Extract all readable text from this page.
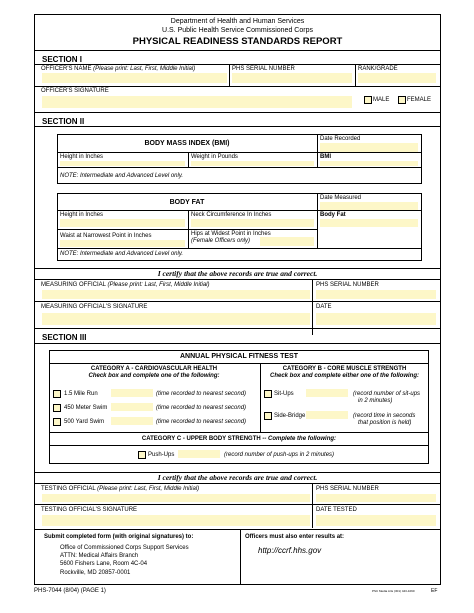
Department of Health and Human Services
U.S. Public Health Service Commissioned Corps
PHYSICAL READINESS STANDARDS REPORT
SECTION I
OFFICER'S NAME (Please print: Last, First, Middle Initial)	PHS SERIAL NUMBER	RANK/GRADE
OFFICER'S SIGNATURE
MALE	FEMALE
SECTION II
BODY MASS INDEX (BMI)
Date Recorded
Height in Inches	Weight in Pounds	BMI
NOTE: Intermediate and Advanced Level only.
BODY FAT
Date Measured
Height in Inches	Neck Circumference In Inches	Body Fat
Waist at Narrowest Point in Inches	Hips at Widest Point in Inches
(Female Officers only)
NOTE: Intermediate and Advanced Level only.
I certify that the above records are true and correct.
MEASURING OFFICIAL (Please print: Last, First, Middle Initial)	PHS SERIAL NUMBER
MEASURING OFFICIAL'S SIGNATURE	DATE
SECTION III
ANNUAL PHYSICAL FITNESS TEST
CATEGORY A - CARDIOVASCULAR HEALTH
Check box and complete one of the following:
CATEGORY B - CORE MUSCLE STRENGTH
Check box and complete either one of the following:
1.5 Mile Run	(time recorded to nearest second)
450 Meter Swim	(time recorded to nearest second)
500 Yard Swim	(time recorded to nearest second)
Sit-Ups	(record number of sit-ups
in 2 minutes)
Side-Bridge	(record time in seconds
that position is held)
CATEGORY C - UPPER BODY STRENGTH -- Complete the following:
Push-Ups	(record number of push-ups in 2 minutes)
I certify that the above records are true and correct.
TESTING OFFICIAL (Please print: Last, First, Middle Initial)	PHS SERIAL NUMBER
TESTING OFFICIAL'S SIGNATURE	DATE TESTED
Submit completed form (with original signatures) to:
Office of Commissioned Corps Support Services
ATTN: Medical Affairs Branch
5600 Fishers Lane, Room 4C-04
Rockville, MD 20857-0001
Officers must also enter results at:
http://ccrf.hhs.gov
PHS-7044 (8/04) (PAGE 1)	PSC Media Arts (301) 443-1090	EF
